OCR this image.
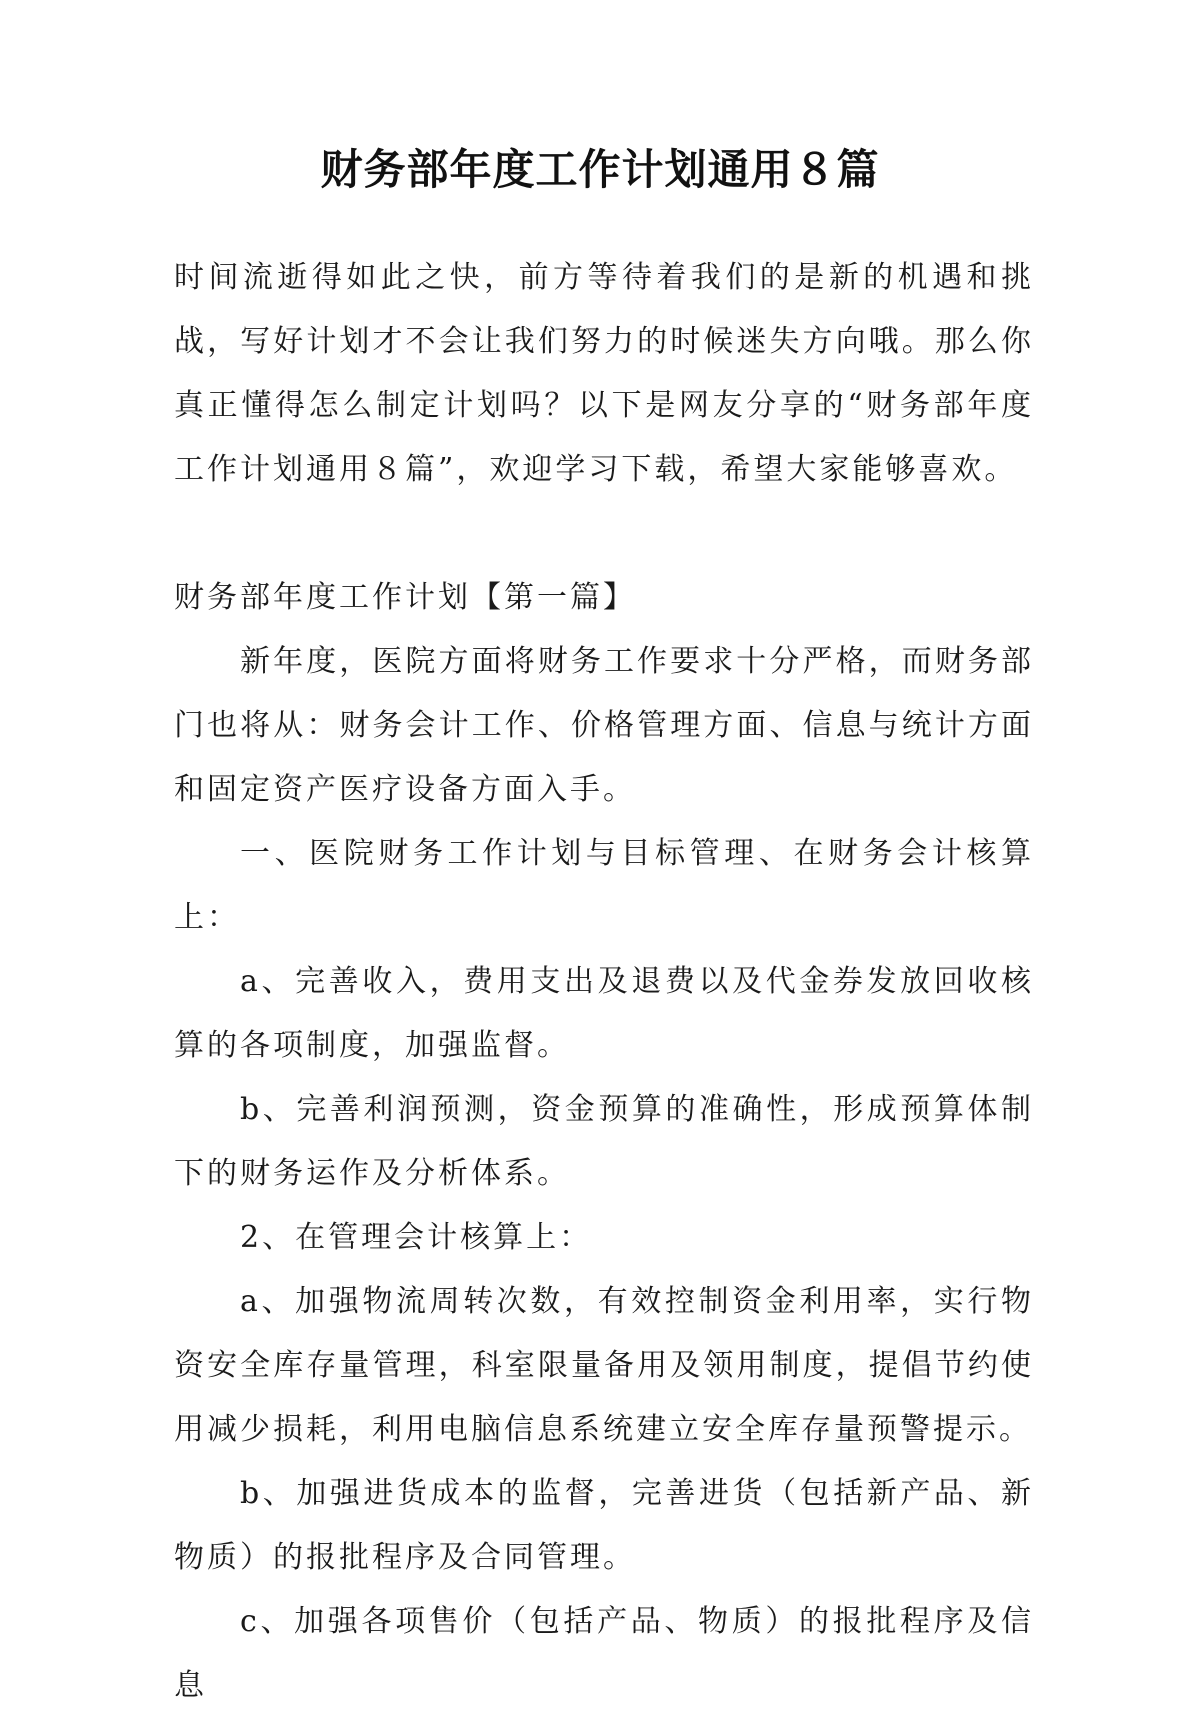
财务部年度工作计划通用８篇

时间流逝得如此之快，前方等待着我们的是新的机遇和挑战，写好计划才不会让我们努力的时候迷失方向哦。那么你真正懂得怎么制定计划吗？以下是网友分享的“财务部年度工作计划通用８篇”，欢迎学习下载，希望大家能够喜欢。

财务部年度工作计划【第一篇】

新年度，医院方面将财务工作要求十分严格，而财务部门也将从：财务会计工作、价格管理方面、信息与统计方面和固定资产医疗设备方面入手。

一、医院财务工作计划与目标管理、在财务会计核算上：

a、完善收入，费用支出及退费以及代金券发放回收核算的各项制度，加强监督。

b、完善利润预测，资金预算的准确性，形成预算体制下的财务运作及分析体系。

2、在管理会计核算上：

a、加强物流周转次数，有效控制资金利用率，实行物资安全库存量管理，科室限量备用及领用制度，提倡节约使用减少损耗，利用电脑信息系统建立安全库存量预警提示。

b、加强进货成本的监督，完善进货（包括新产品、新物质）的报批程序及合同管理。

c、加强各项售价（包括产品、物质）的报批程序及信息
